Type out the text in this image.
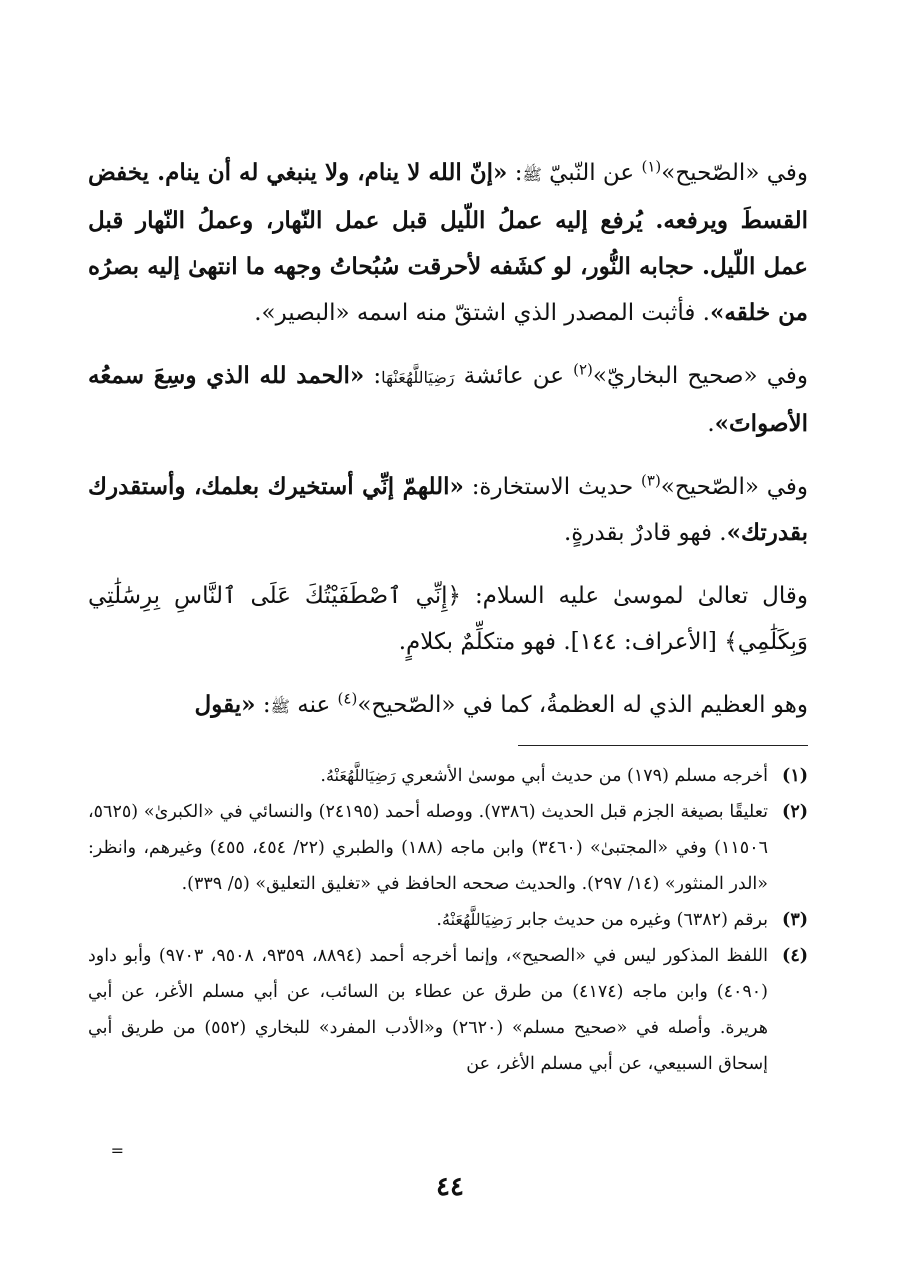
وفي «الصّحيح»$^{(١)}$ عن النّبيّ ﷺ: «إنّ الله لا ينام، ولا ينبغي له أن ينام. يخفض القسطَ ويرفعه. يُرفع إليه عملُ اللّيل قبل عمل النّهار، وعملُ النّهار قبل عمل اللّيل. حجابه النُّور، لو كشَفه لأحرقت سُبُحاتُ وجهه ما انتهىٰ إليه بصرُه من خلقه». فأثبت المصدر الذي اشتقّ منه اسمه «البصير».

وفي «صحيح البخاريّ»$^{(٢)}$ عن عائشة رَضِيَاللَّهُعَنْهَا: «الحمد لله الذي وسِعَ سمعُه الأصواتَ».

وفي «الصّحيح»$^{(٣)}$ حديث الاستخارة: «اللهمّ إنِّي أستخيرك بعلمك، وأستقدرك بقدرتك». فهو قادرٌ بقدرةٍ.

وقال تعالىٰ لموسىٰ عليه السلام: ﴿إِنِّي ٱصْطَفَيْتُكَ عَلَى ٱلنَّاسِ بِرِسَٰلَٰتِي وَبِكَلَٰمِي﴾ [الأعراف: ١٤٤]. فهو متكلِّمٌ بكلامٍ.

وهو العظيم الذي له العظمةُ، كما في «الصّحيح»$^{(٤)}$ عنه ﷺ: «يقول

(١)
أخرجه مسلم (١٧٩) من حديث أبي موسىٰ الأشعري رَضِيَاللَّهُعَنْهُ.
(٢)
تعليقًا بصيغة الجزم قبل الحديث (٧٣٨٦). ووصله أحمد (٢٤١٩٥) والنسائي في «الكبرىٰ» (٥٦٢٥، ١١٥٠٦) وفي «المجتبىٰ» (٣٤٦٠) وابن ماجه (١٨٨) والطبري (٢٢/ ٤٥٤، ٤٥٥) وغيرهم، وانظر: «الدر المنثور» (١٤/ ٢٩٧). والحديث صححه الحافظ في «تغليق التعليق» (٥/ ٣٣٩).
(٣)
برقم (٦٣٨٢) وغيره من حديث جابر رَضِيَاللَّهُعَنْهُ.
(٤)
اللفظ المذكور ليس في «الصحيح»، وإنما أخرجه أحمد (٨٨٩٤، ٩٣٥٩، ٩٥٠٨، ٩٧٠٣) وأبو داود (٤٠٩٠) وابن ماجه (٤١٧٤) من طرق عن عطاء بن السائب، عن أبي مسلم الأغر، عن أبي هريرة. وأصله في «صحيح مسلم» (٢٦٢٠) و«الأدب المفرد» للبخاري (٥٥٢) من طريق أبي إسحاق السبيعي، عن أبي مسلم الأغر، عن
=
٤٤
